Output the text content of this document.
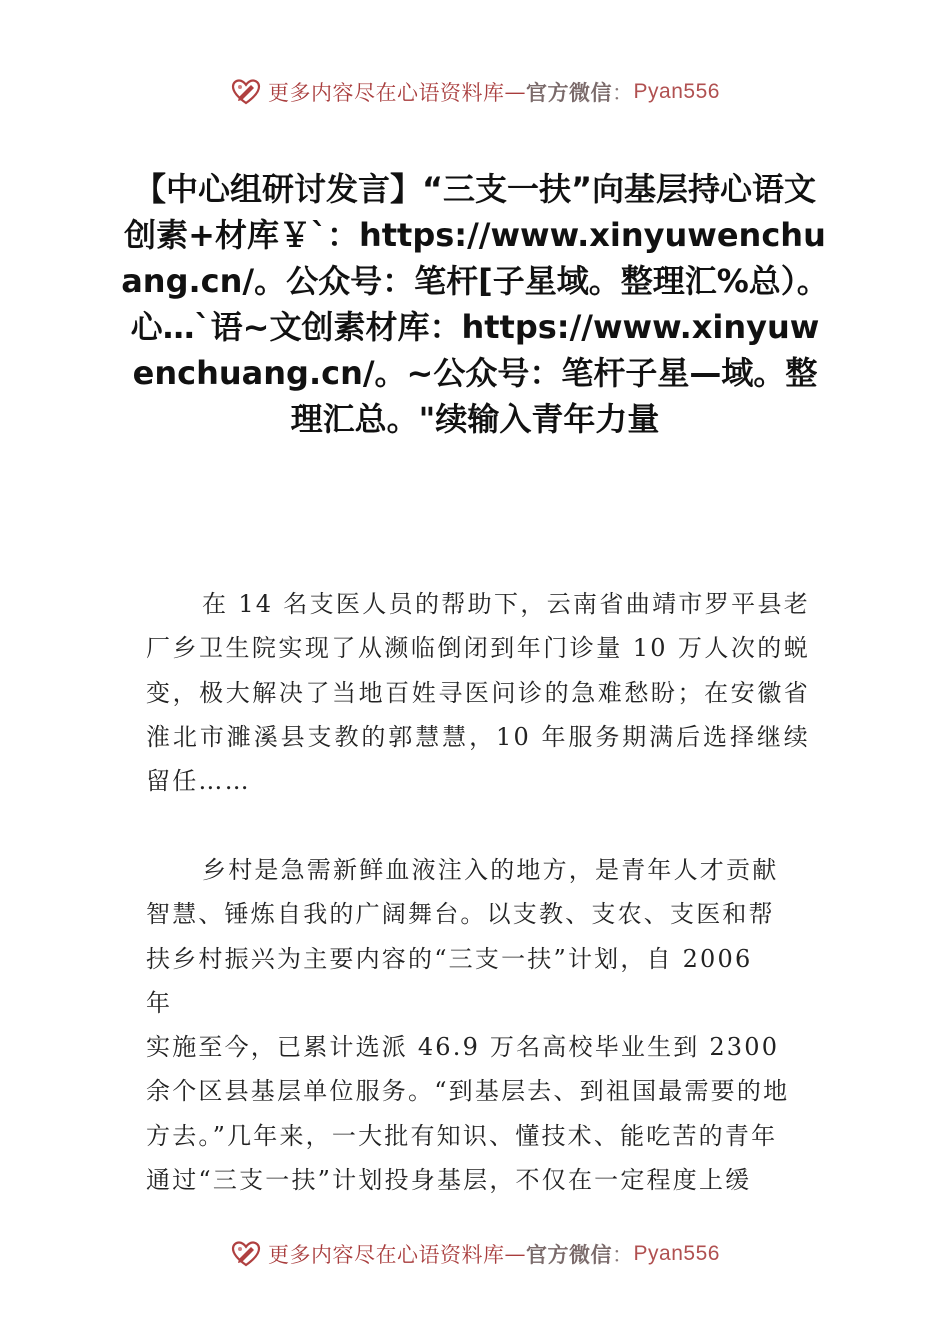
更多内容尽在心语资料库 — 官方微信 ： Pyan556
【中心组研讨发言】“三支一扶”向基层持心语文创素+材库￥`：https://www.xinyuwenchuang.cn/。公众号：笔杆[子星域。整理汇%总）。心…`语~文创素材库：https://www.xinyuwenchuang.cn/。~公众号：笔杆子星—域。整理汇总。"续输入青年力量

在 14 名支医人员的帮助下，云南省曲靖市罗平县老厂乡卫生院实现了从濒临倒闭到年门诊量 10 万人次的蜕变，极大解决了当地百姓寻医问诊的急难愁盼；在安徽省淮北市濉溪县支教的郭慧慧，10 年服务期满后选择继续留任……

乡村是急需新鲜血液注入的地方，是青年人才贡献
智慧、锤炼自我的广阔舞台。以支教、支农、支医和帮
扶乡村振兴为主要内容的“三支一扶”计划，自 2006
年
实施至今，已累计选派 46.9 万名高校毕业生到 2300
余个区县基层单位服务。“到基层去、到祖国最需要的地
方去。”几年来，一大批有知识、懂技术、能吃苦的青年
通过“三支一扶”计划投身基层，不仅在一定程度上缓
更多内容尽在心语资料库 — 官方微信 ： Pyan556
